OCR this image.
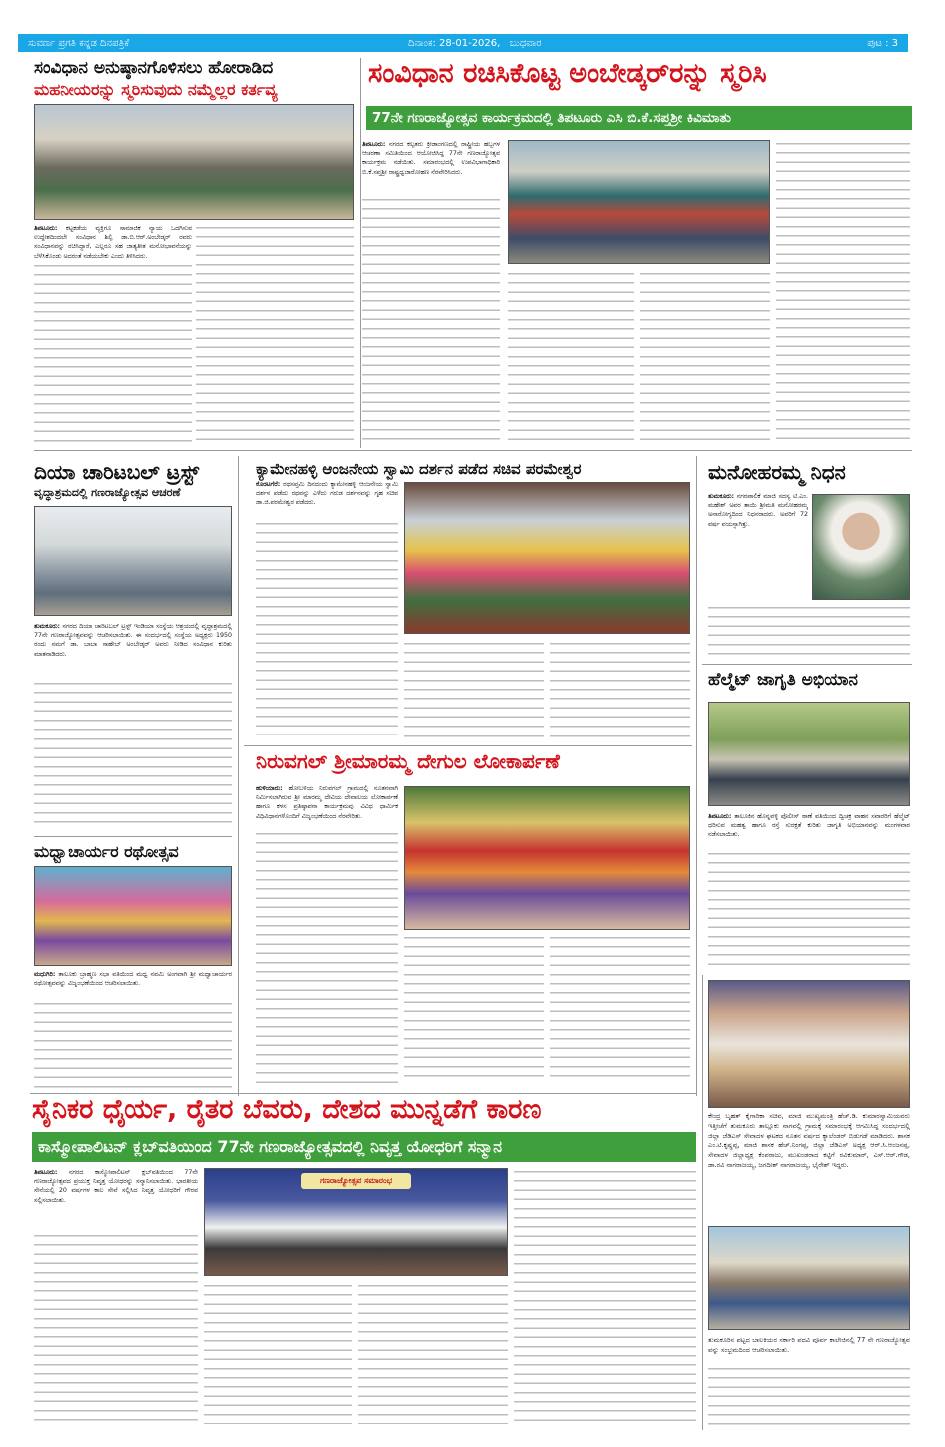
ಸುವರ್ಣ ಪ್ರಗತಿ ಕನ್ನಡ ದಿನಪತ್ರಿಕೆ	ದಿನಾಂಕ: 28-01-2026, ಬುಧವಾರ	ಪುಟ : 3
ಸಂವಿಧಾನ ಅನುಷ್ಠಾನಗೊಳಿಸಲು ಹೋರಾಡಿದ
ಮಹನೀಯರನ್ನು ಸ್ಮರಿಸುವುದು ನಮ್ಮೆಲ್ಲರ ಕರ್ತವ್ಯ
ತಿಪಟೂರು: ಕಟ್ಟಕಡೆಯ ವ್ಯಕ್ತಿಗೂ ಸಾಮಾಜಿಕ ನ್ಯಾಯ ಒದಗಿಸುವ ಉದ್ದೇಶದಿಂದಲೇ ಸಂವಿಧಾನ ಶಿಲ್ಪಿ ಡಾ.ಬಿ.ಆರ್.ಅಂಬೇಡ್ಕರ್ ರವರು ಸಂವಿಧಾನವನ್ನು ರಚಿಸಿದ್ದಾರೆ, ಎಲ್ಲರೂ ಸಹ ಜಾತ್ಯತೀತ ಮನೋಭಾವನೆಯನ್ನು ಬೆಳೆಸಿಕೊಂಡು ಅದರಂತೆ ನಡೆಯಬೇಕು ಎಂದು ತಿಳಿಸಿದರು.
ಸಂವಿಧಾನ ರಚಿಸಿಕೊಟ್ಟ ಅಂಬೇಡ್ಕರ್‌ರನ್ನು ಸ್ಮರಿಸಿ
77ನೇ ಗಣರಾಜ್ಯೋತ್ಸವ ಕಾರ್ಯಕ್ರಮದಲ್ಲಿ ತಿಪಟೂರು ಎಸಿ ಬಿ.ಕೆ.ಸಪ್ತಶ್ರೀ ಕಿವಿಮಾತು
ತಿಪಟೂರು: ನಗರದ ಕಲ್ಪತರು ಕ್ರೀಡಾಂಗಣದಲ್ಲಿ ರಾಷ್ಟ್ರೀಯ ಹಬ್ಬಗಳ ಆಚರಣಾ ಸಮಿತಿಯಿಂದ ಆಯೋಜಿಸಿದ್ದ 77ನೇ ಗಣರಾಜ್ಯೋತ್ಸವ ಕಾರ್ಯಕ್ರಮ ನಡೆಯಿತು. ಸಮಾರಂಭದಲ್ಲಿ ಉಪವಿಭಾಗಾಧಿಕಾರಿ ಬಿ.ಕೆ.ಸಪ್ತಶ್ರೀ ರಾಷ್ಟ್ರಧ್ವಜಾರೋಹಣ ನೆರವೇರಿಸಿದರು.
ದಿಯಾ ಚಾರಿಟಬಲ್ ಟ್ರಸ್ಟ್
ವೃದ್ಧಾಶ್ರಮದಲ್ಲಿ ಗಣರಾಜ್ಯೋತ್ಸವ ಆಚರಣೆ
ತುಮಕೂರು: ನಗರದ ದಿಯಾ ಚಾರಿಟಬಲ್ ಟ್ರಸ್ಟ್ ಇಂಡಿಯಾ ಸಂಸ್ಥೆಯ ಆಶ್ರಯದಲ್ಲಿ ವೃದ್ಧಾಶ್ರಮದಲ್ಲಿ 77ನೇ ಗಣರಾಜ್ಯೋತ್ಸವವನ್ನು ಆಚರಿಸಲಾಯಿತು. ಈ ಸಂದರ್ಭದಲ್ಲಿ ಸಂಸ್ಥೆಯ ಅಧ್ಯಕ್ಷರು 1950 ರಂದು ನಮಗೆ ಡಾ. ಬಾಬಾ ಸಾಹೇಬ್ ಅಂಬೇಡ್ಕರ್ ಅವರು ನೀಡಿದ ಸಂವಿಧಾನ ಕುರಿತು ಮಾತನಾಡಿದರು.
ಮಧ್ವಾಚಾರ್ಯರ ರಥೋತ್ಸವ
ಮಧುಗಿರಿ: ತಾಲೂಕು ಬ್ರಾಹ್ಮಣ ಸಭಾ ವತಿಯಿಂದ ಮಧ್ವ ನವಮಿ ಅಂಗವಾಗಿ ಶ್ರೀ ಮಧ್ವಾಚಾರ್ಯರ ರಥೋತ್ಸವವನ್ನು ವಿಜೃಂಭಣೆಯಿಂದ ಆಚರಿಸಲಾಯಿತು.
ಕ್ಯಾಮೇನಹಳ್ಳಿ ಆಂಜನೇಯ ಸ್ವಾಮಿ ದರ್ಶನ ಪಡೆದ ಸಚಿವ ಪರಮೇಶ್ವರ
ಕೊರಟಗೆರೆ: ರಥಸಪ್ತಮಿ ದಿನದಂದು ಕ್ಯಾಮೇನಹಳ್ಳಿ ಆಂಜನೇಯ ಸ್ವಾಮಿ ದರ್ಶನ ಪಡೆದು ರಥವನ್ನು ಎಳೆದು ಗರುಡ ದರ್ಶನವನ್ನು ಗೃಹ ಸಚಿವ ಡಾ.ಜಿ.ಪರಮೇಶ್ವರ ಪಡೆದರು.
ನಿರುವಗಲ್ ಶ್ರೀಮಾರಮ್ಮ ದೇಗುಲ ಲೋಕಾರ್ಪಣೆ
ಹುಳಿಯಾರು: ಹೋಬಳಿಯ ನಿರುವಗಲ್ ಗ್ರಾಮದಲ್ಲಿ ನೂತನವಾಗಿ ನಿರ್ಮಿಸಲಾಗಿರುವ ಶ್ರೀ ಮಾರಮ್ಮ ದೇವಿಯ ದೇವಾಲಯ ಲೋಕಾರ್ಪಣೆ ಹಾಗೂ ಕಳಸ ಪ್ರತಿಷ್ಠಾಪನಾ ಕಾರ್ಯಕ್ರಮವು ವಿವಿಧ ಧಾರ್ಮಿಕ ವಿಧಿವಿಧಾನಗಳೊಂದಿಗೆ ವಿಜೃಂಭಣೆಯಿಂದ ನೆರವೇರಿತು.
ಮನೋಹರಮ್ಮ ನಿಧನ
ತುಮಕೂರು: ನಗರಪಾಲಿಕೆ ಮಾಜಿ ಸದಸ್ಯ ಟಿ.ಎಂ. ಮಹೇಶ್ ಅವರ ತಾಯಿ ಶ್ರೀಮತಿ ಮನೋಹರಮ್ಮ ಅನಾರೋಗ್ಯದಿಂದ ನಿಧನರಾದರು. ಅವರಿಗೆ 72 ವರ್ಷ ವಯಸ್ಸಾಗಿತ್ತು.
ಹೆಲ್ಮೆಟ್ ಜಾಗೃತಿ ಅಭಿಯಾನ
ತಿಪಟೂರು: ತಾಲೂಕಿನ ಹೊನ್ನವಳ್ಳಿ ಪೊಲೀಸ್ ಠಾಣೆ ವತಿಯಿಂದ ದ್ವಿಚಕ್ರ ವಾಹನ ಸವಾರರಿಗೆ ಹೆಲ್ಮೆಟ್ ಧರಿಸುವ ಮಹತ್ವ ಹಾಗೂ ರಸ್ತೆ ಸುರಕ್ಷತೆ ಕುರಿತು ಜಾಗೃತಿ ಅಭಿಯಾನವನ್ನು ಮಂಗಳವಾರ ನಡೆಸಲಾಯಿತು.
ಕೇಂದ್ರ ಬೃಹತ್ ಕೈಗಾರಿಕಾ ಸಚಿವ, ಮಾಜಿ ಮುಖ್ಯಮಂತ್ರಿ ಹೆಚ್.ಡಿ. ಕುಮಾರಸ್ವಾಮಿಯವರು ಇತ್ತೀಚೆಗೆ ತುಮಕೂರು ತಾಲ್ಲೂಕು ನಾಗವಲ್ಲಿ ಗ್ರಾಮಕ್ಕೆ ಸಮಾರಂಭಕ್ಕೆ ಆಗಮಿಸಿದ್ದ ಸಂದರ್ಭದಲ್ಲಿ ಜಿಲ್ಲಾ ಜೆಡಿಎಸ್ ಸೇವಾದಳ ಘಟಕದ ನೂತನ ವರ್ಷದ ಕ್ಯಾಲೆಂಡರ್ ಬಿಡುಗಡೆ ಮಾಡಿದರು. ಶಾಸಕ ಎಂ.ಟಿ.ಕೃಷ್ಣಪ್ಪ, ಮಾಜಿ ಶಾಸಕ ಹೆಚ್.ನಿಂಗಪ್ಪ, ಜಿಲ್ಲಾ ಜೆಡಿಎಸ್ ಅಧ್ಯಕ್ಷ ಆರ್.ಸಿ.ಆಂಜನಪ್ಪ, ಸೇವಾದಳ ಜಿಲ್ಲಾಧ್ಯಕ್ಷ ಕೆಂಪರಾಜು, ಮುಖಂಡರಾದ ಕಟ್ಟಿಗೆ ರವಿಕುಮಾರ್, ಎಸ್.ಆರ್.ಗೌಡ, ಡಾ.ರವಿ ನಾಗರಾಜಯ್ಯ, ಜಗದೀಶ್ ನಾಗರಾಜಯ್ಯ, ಭೈರೇಶ್ ಇದ್ದರು.
ತುಮಕೂರಿನ ಪಟ್ಟದ ಬಾಲಕಿಯರ ಸರ್ಕಾರಿ ಪದವಿ ಪೂರ್ವ ಕಾಲೇಜಿನಲ್ಲಿ 77 ನೇ ಗಣರಾಜ್ಯೋತ್ಸವ ವನ್ನು ಸಂಭ್ರಮದಿಂದ ಆಚರಿಸಲಾಯಿತು.
ಸೈನಿಕರ ಧೈರ್ಯ, ರೈತರ ಬೆವರು, ದೇಶದ ಮುನ್ನಡೆಗೆ ಕಾರಣ
ಕಾಸ್ಮೋಪಾಲಿಟನ್ ಕ್ಲಬ್‌ವತಿಯಿಂದ 77ನೇ ಗಣರಾಜ್ಯೋತ್ಸವದಲ್ಲಿ ನಿವೃತ್ತ ಯೋಧರಿಗೆ ಸನ್ಮಾನ
ತಿಪಟೂರು: ನಗರದ ಕಾಸ್ಮೋಪಾಲಿಟನ್ ಕ್ಲಬ್‌ವತಿಯಿಂದ 77ನೇ ಗಣರಾಜ್ಯೋತ್ಸವದ ಪ್ರಯುಕ್ತ ನಿವೃತ್ತ ಯೋಧರನ್ನು ಸನ್ಮಾನಿಸಲಾಯಿತು. ಭಾರತೀಯ ಸೇನೆಯಲ್ಲಿ 20 ವರ್ಷಗಳ ಕಾಲ ಸೇವೆ ಸಲ್ಲಿಸಿದ ನಿವೃತ್ತ ಯೋಧರಿಗೆ ಗೌರವ ಸಲ್ಲಿಸಲಾಯಿತು.
ಗಣರಾಜ್ಯೋತ್ಸವ ಸಮಾರಂಭ
